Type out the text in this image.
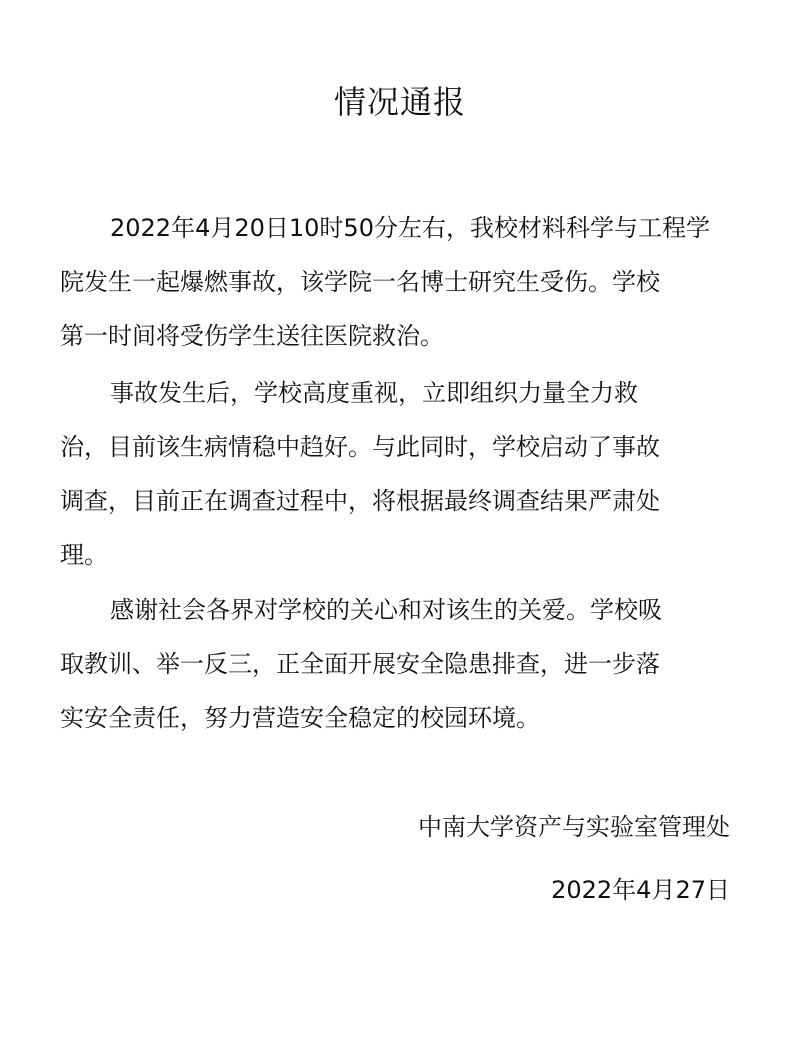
情况通报

2022年4月20日10时50分左右，我校材料科学与工程学
院发生一起爆燃事故，该学院一名博士研究生受伤。学校
第一时间将受伤学生送往医院救治。

事故发生后，学校高度重视，立即组织力量全力救
治，目前该生病情稳中趋好。与此同时，学校启动了事故
调查，目前正在调查过程中，将根据最终调查结果严肃处
理。

感谢社会各界对学校的关心和对该生的关爱。学校吸
取教训、举一反三，正全面开展安全隐患排查，进一步落
实安全责任，努力营造安全稳定的校园环境。

中南大学资产与实验室管理处

2022年4月27日
